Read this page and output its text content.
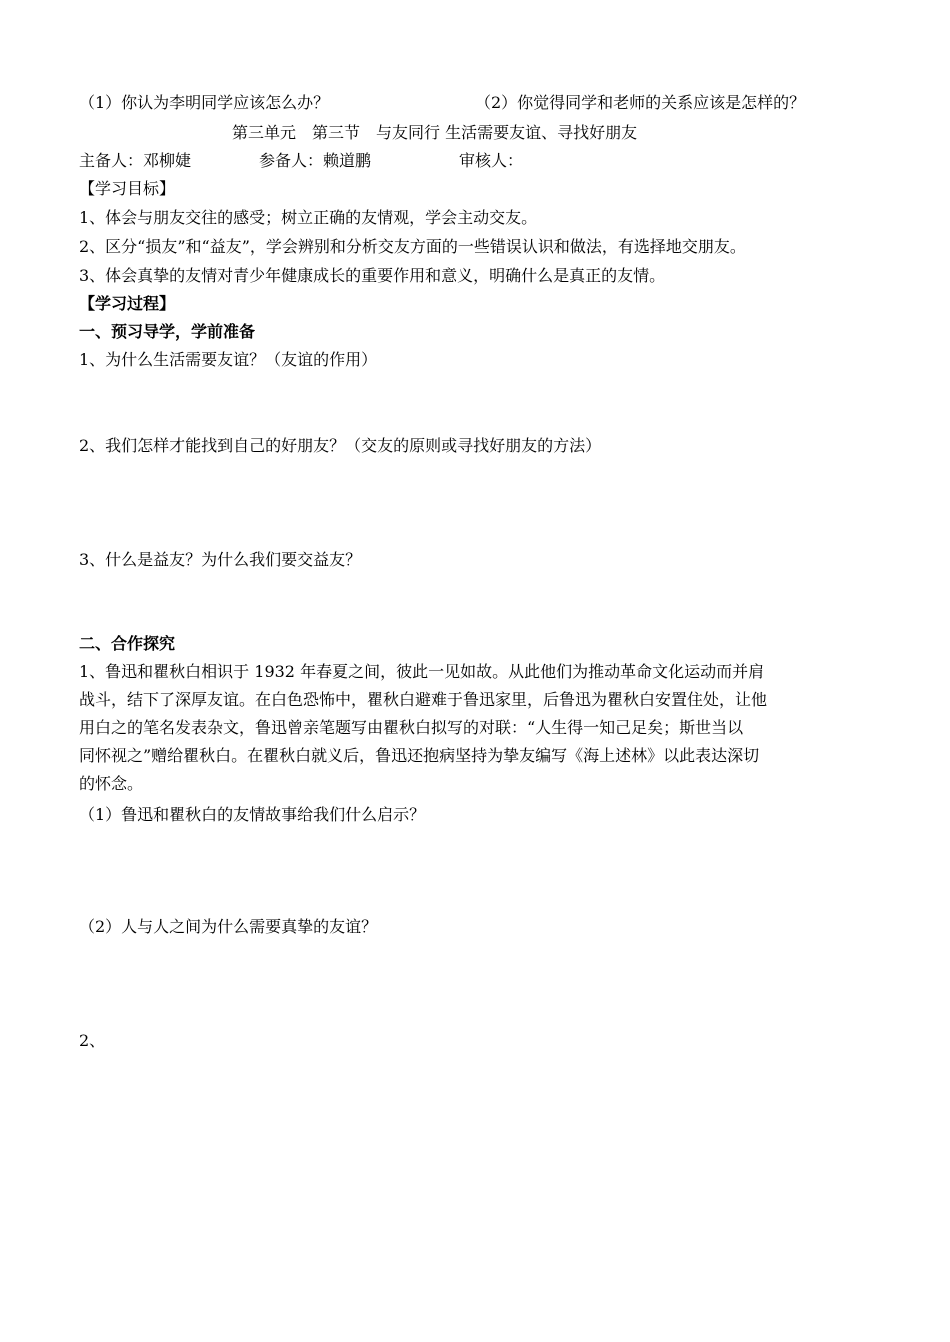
（1）你认为李明同学应该怎么办？	（2）你觉得同学和老师的关系应该是怎样的？
第三单元　第三节　与友同行 生活需要友谊、寻找好朋友
主备人：邓柳婕	参备人：赖道鹏	审核人：
【学习目标】
1、体会与朋友交往的感受；树立正确的友情观，学会主动交友。
2、区分“损友”和“益友”，学会辨别和分析交友方面的一些错误认识和做法，有选择地交朋友。
3、体会真挚的友情对青少年健康成长的重要作用和意义，明确什么是真正的友情。
【学习过程】
一、预习导学，学前准备
1、为什么生活需要友谊？（友谊的作用）
2、我们怎样才能找到自己的好朋友？（交友的原则或寻找好朋友的方法）
3、什么是益友？为什么我们要交益友？
二、合作探究
1、鲁迅和瞿秋白相识于 1932 年春夏之间，彼此一见如故。从此他们为推动革命文化运动而并肩
战斗，结下了深厚友谊。在白色恐怖中，瞿秋白避难于鲁迅家里，后鲁迅为瞿秋白安置住处，让他
用白之的笔名发表杂文，鲁迅曾亲笔题写由瞿秋白拟写的对联：“人生得一知己足矣；斯世当以
同怀视之”赠给瞿秋白。在瞿秋白就义后，鲁迅还抱病坚持为挚友编写《海上述林》以此表达深切
的怀念。
（1）鲁迅和瞿秋白的友情故事给我们什么启示？
（2）人与人之间为什么需要真挚的友谊？
2、
